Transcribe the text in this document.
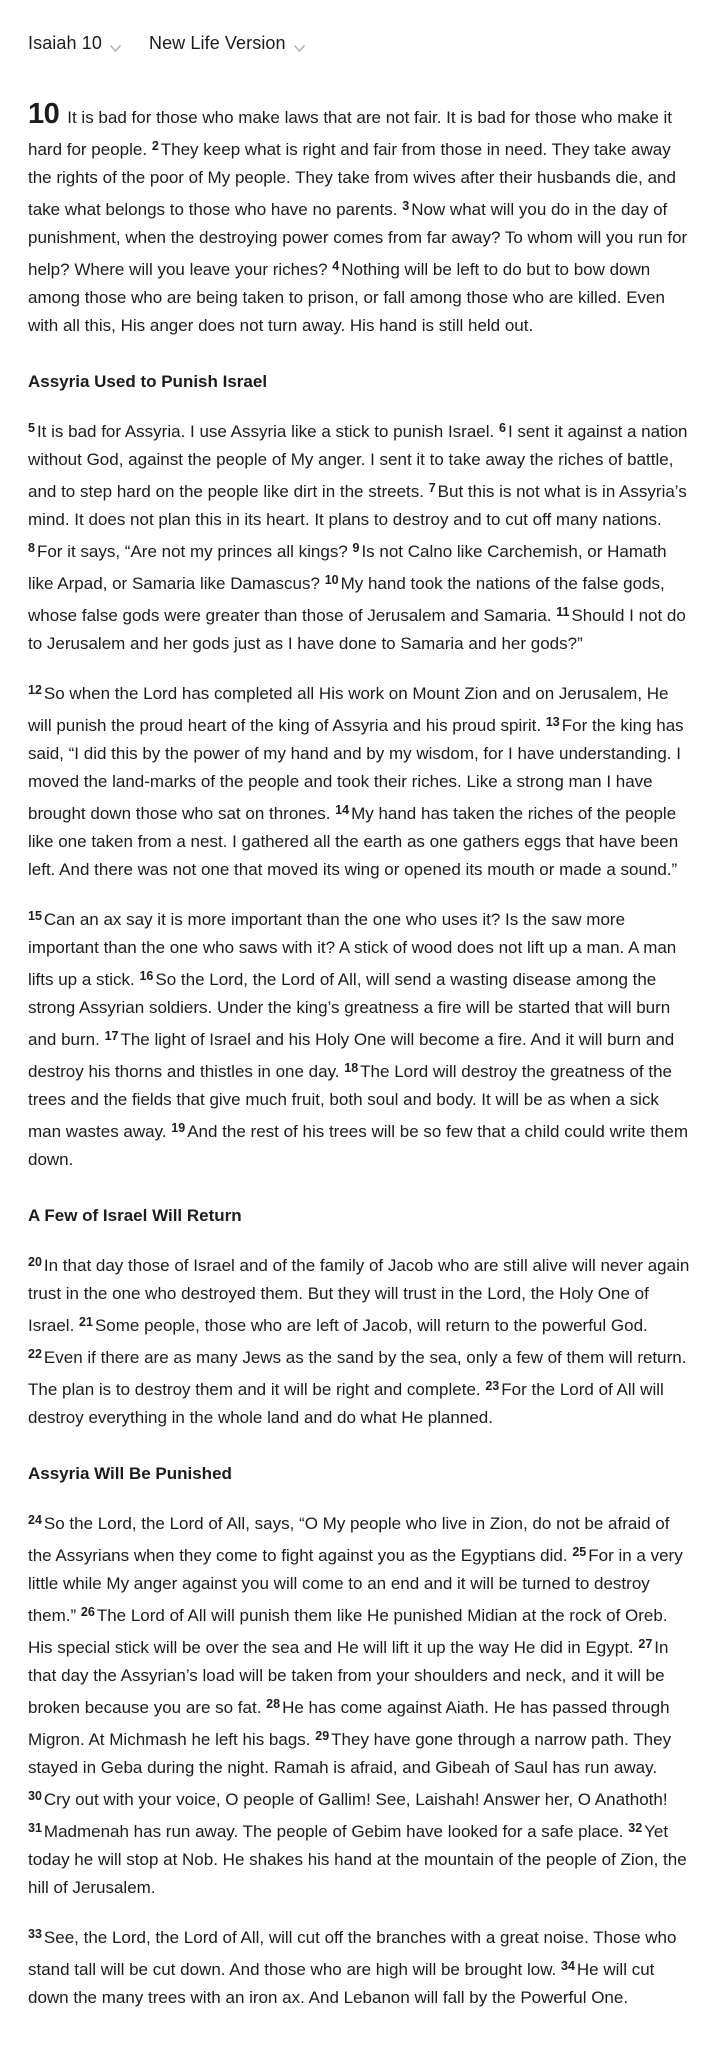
Isaiah 10	New Life Version

10 It is bad for those who make laws that are not fair. It is bad for those who make it hard for people. $^2$ They keep what is right and fair from those in need. They take away the rights of the poor of My people. They take from wives after their husbands die, and take what belongs to those who have no parents. $^3$ Now what will you do in the day of punishment, when the destroying power comes from far away? To whom will you run for help? Where will you leave your riches? $^4$ Nothing will be left to do but to bow down among those who are being taken to prison, or fall among those who are killed. Even with all this, His anger does not turn away. His hand is still held out.

Assyria Used to Punish Israel

$^5$ It is bad for Assyria. I use Assyria like a stick to punish Israel. $^6$ I sent it against a nation without God, against the people of My anger. I sent it to take away the riches of battle, and to step hard on the people like dirt in the streets. $^7$ But this is not what is in Assyria’s mind. It does not plan this in its heart. It plans to destroy and to cut off many nations. $^8$ For it says, “Are not my princes all kings? $^9$ Is not Calno like Carchemish, or Hamath like Arpad, or Samaria like Damascus? $^{10}$ My hand took the nations of the false gods, whose false gods were greater than those of Jerusalem and Samaria. $^{11}$ Should I not do to Jerusalem and her gods just as I have done to Samaria and her gods?”

$^{12}$ So when the Lord has completed all His work on Mount Zion and on Jerusalem, He will punish the proud heart of the king of Assyria and his proud spirit. $^{13}$ For the king has said, “I did this by the power of my hand and by my wisdom, for I have understanding. I moved the land-marks of the people and took their riches. Like a strong man I have brought down those who sat on thrones. $^{14}$ My hand has taken the riches of the people like one taken from a nest. I gathered all the earth as one gathers eggs that have been left. And there was not one that moved its wing or opened its mouth or made a sound.”

$^{15}$ Can an ax say it is more important than the one who uses it? Is the saw more important than the one who saws with it? A stick of wood does not lift up a man. A man lifts up a stick. $^{16}$ So the Lord, the Lord of All, will send a wasting disease among the strong Assyrian soldiers. Under the king’s greatness a fire will be started that will burn and burn. $^{17}$ The light of Israel and his Holy One will become a fire. And it will burn and destroy his thorns and thistles in one day. $^{18}$ The Lord will destroy the greatness of the trees and the fields that give much fruit, both soul and body. It will be as when a sick man wastes away. $^{19}$ And the rest of his trees will be so few that a child could write them down.

A Few of Israel Will Return

$^{20}$ In that day those of Israel and of the family of Jacob who are still alive will never again trust in the one who destroyed them. But they will trust in the Lord, the Holy One of Israel. $^{21}$ Some people, those who are left of Jacob, will return to the powerful God. $^{22}$ Even if there are as many Jews as the sand by the sea, only a few of them will return. The plan is to destroy them and it will be right and complete. $^{23}$ For the Lord of All will destroy everything in the whole land and do what He planned.

Assyria Will Be Punished

$^{24}$ So the Lord, the Lord of All, says, “O My people who live in Zion, do not be afraid of the Assyrians when they come to fight against you as the Egyptians did. $^{25}$ For in a very little while My anger against you will come to an end and it will be turned to destroy them.” $^{26}$ The Lord of All will punish them like He punished Midian at the rock of Oreb. His special stick will be over the sea and He will lift it up the way He did in Egypt. $^{27}$ In that day the Assyrian’s load will be taken from your shoulders and neck, and it will be broken because you are so fat. $^{28}$ He has come against Aiath. He has passed through Migron. At Michmash he left his bags. $^{29}$ They have gone through a narrow path. They stayed in Geba during the night. Ramah is afraid, and Gibeah of Saul has run away. $^{30}$ Cry out with your voice, O people of Gallim! See, Laishah! Answer her, O Anathoth! $^{31}$ Madmenah has run away. The people of Gebim have looked for a safe place. $^{32}$ Yet today he will stop at Nob. He shakes his hand at the mountain of the people of Zion, the hill of Jerusalem.

$^{33}$ See, the Lord, the Lord of All, will cut off the branches with a great noise. Those who stand tall will be cut down. And those who are high will be brought low. $^{34}$ He will cut down the many trees with an iron ax. And Lebanon will fall by the Powerful One.
